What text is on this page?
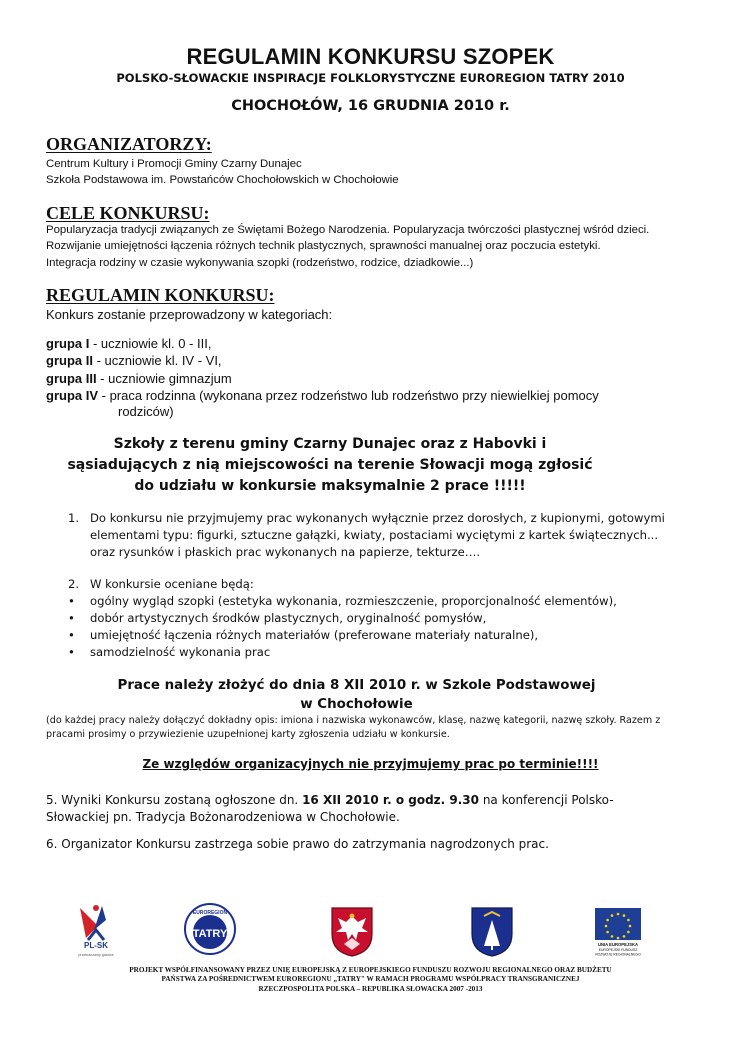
REGULAMIN KONKURSU SZOPEK
POLSKO-SŁOWACKIE INSPIRACJE FOLKLORYSTYCZNE EUROREGION TATRY 2010
CHOCHOŁÓW, 16 GRUDNIA 2010 r.
ORGANIZATORZY:
Centrum Kultury i Promocji Gminy Czarny Dunajec
Szkoła Podstawowa im. Powstańców Chochołowskich w Chochołowie
CELE KONKURSU:
Popularyzacja tradycji związanych ze Świętami Bożego Narodzenia. Popularyzacja twórczości plastycznej wśród dzieci.
Rozwijanie umiejętności łączenia różnych technik plastycznych, sprawności manualnej oraz poczucia estetyki.
Integracja rodziny w czasie wykonywania szopki (rodzeństwo, rodzice, dziadkowie...)
REGULAMIN KONKURSU:
Konkurs zostanie przeprowadzony w kategoriach:
grupa I - uczniowie kl. 0 - III,
grupa II - uczniowie kl. IV - VI,
grupa III - uczniowie gimnazjum
grupa IV - praca rodzinna (wykonana przez rodzeństwo lub rodzeństwo przy niewielkiej pomocy
rodziców)
Szkoły z terenu gminy Czarny Dunajec oraz z Habovki i
sąsiadujących z nią miejscowości na terenie Słowacji mogą zgłosić
do udziału w konkursie maksymalnie 2 prace !!!!!
1. Do konkursu nie przyjmujemy prac wykonanych wyłącznie przez dorosłych, z kupionymi, gotowymi
elementami typu: figurki, sztuczne gałązki, kwiaty, postaciami wyciętymi z kartek świątecznych...
oraz rysunków i płaskich prac wykonanych na papierze, tekturze….
2. W konkursie oceniane będą:
• ogólny wygląd szopki (estetyka wykonania, rozmieszczenie, proporcjonalność elementów),
• dobór artystycznych środków plastycznych, oryginalność pomysłów,
• umiejętność łączenia różnych materiałów (preferowane materiały naturalne),
• samodzielność wykonania prac
Prace należy złożyć do dnia 8 XII 2010 r. w Szkole Podstawowej
w Chochołowie
(do każdej pracy należy dołączyć dokładny opis: imiona i nazwiska wykonawców, klasę, nazwę kategorii, nazwę szkoły. Razem z
pracami prosimy o przywiezienie uzupełnionej karty zgłoszenia udziału w konkursie.
Ze względów organizacyjnych nie przyjmujemy prac po terminie!!!!
5. Wyniki Konkursu zostaną ogłoszone dn. 16 XII 2010 r. o godz. 9.30 na konferencji Polsko-
Słowackiej pn. Tradycja Bożonarodzeniowa w Chochołowie.
6. Organizator Konkursu zastrzega sobie prawo do zatrzymania nagrodzonych prac.
PL-SK
przekraczamy granice
EUROREGION
TATRY
UNIA EUROPEJSKA
EUROPEJSKI FUNDUSZ
ROZWOJU REGIONALNEGO
PROJEKT WSPÓŁFINANSOWANY PRZEZ UNIĘ EUROPEJSKĄ Z EUROPEJSKIEGO FUNDUSZU ROZWOJU REGIONALNEGO ORAZ BUDŻETU
PAŃSTWA ZA POŚREDNICTWEM EUROREGIONU „TATRY" W RAMACH PROGRAMU WSPÓŁPRACY TRANSGRANICZNEJ
RZECZPOSPOLITA POLSKA – REPUBLIKA SŁOWACKA 2007 -2013
